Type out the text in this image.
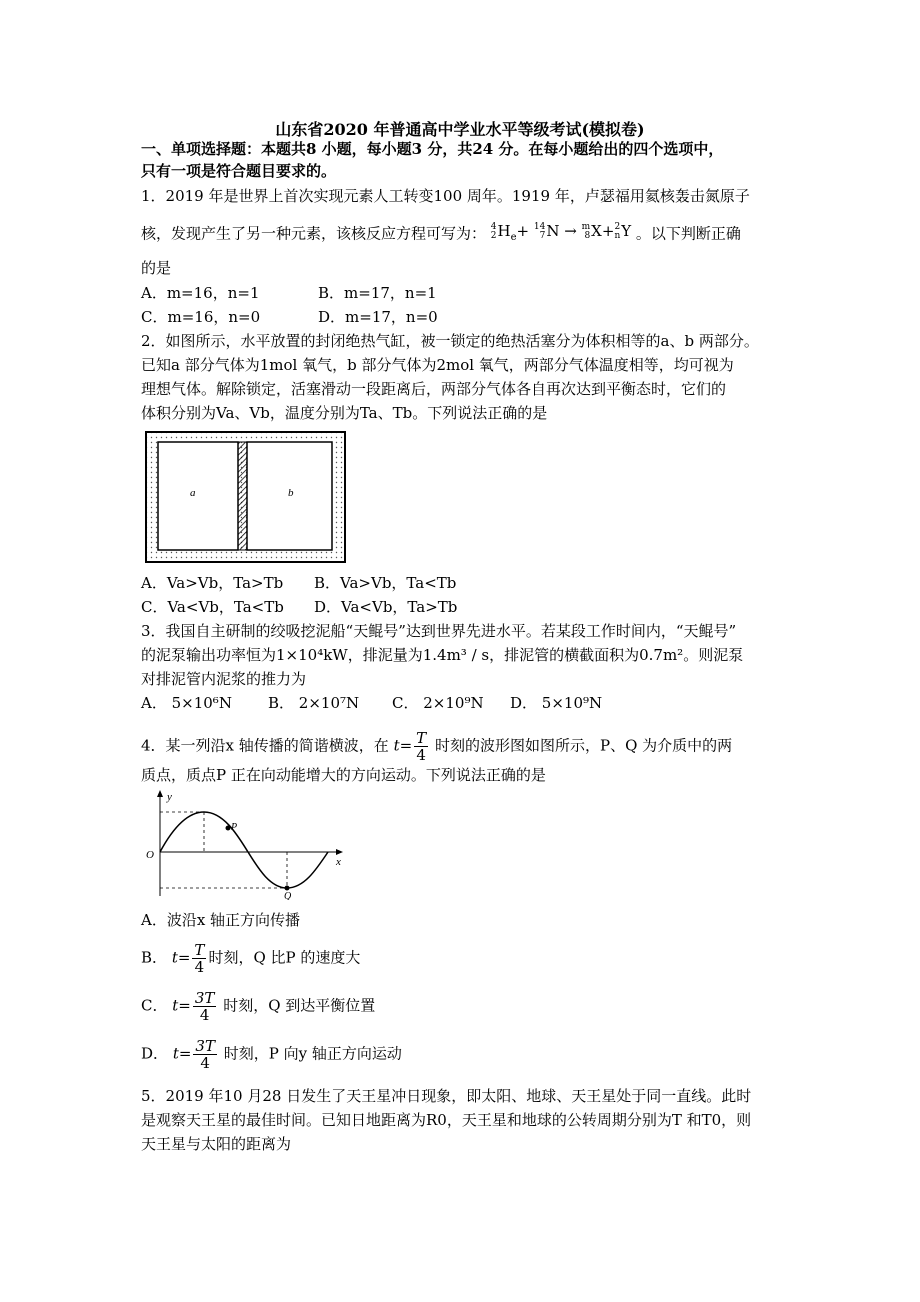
山东省2020 年普通高中学业水平等级考试(模拟卷)
一、单项选择题：本题共8 小题，每小题3 分，共24 分。在每小题给出的四个选项中，
只有一项是符合题目要求的。
1．2019 年是世界上首次实现元素人工转变100 周年。1919 年，卢瑟福用氦核轰击氮原子
核，发现产生了另一种元素，该核反应方程可写为： 4
2 $H_e+ 14$
7 N → m
8 X+ 2
n Y 。以下判断正确
的是
A．m=16，n=1	B．m=17，n=1
C．m=16，n=0	D．m=17，n=0
2．如图所示，水平放置的封闭绝热气缸，被一锁定的绝热活塞分为体积相等的a、b 两部分。
已知a 部分气体为1mol 氧气，b 部分气体为2mol 氧气，两部分气体温度相等，均可视为
理想气体。解除锁定，活塞滑动一段距离后，两部分气体各自再次达到平衡态时，它们的
体积分别为Va、Vb，温度分别为Ta、Tb。下列说法正确的是
a	b
A．Va>Vb，Ta>Tb B．Va>Vb，Ta<Tb
C．Va<Vb，Ta<Tb D．Va<Vb，Ta>Tb
3．我国自主研制的绞吸挖泥船“天鲲号”达到世界先进水平。若某段工作时间内，“天鲲号”
的泥泵输出功率恒为1×10⁴kW，排泥量为1.4m³ / s，排泥管的横截面积为0.7m²。则泥泵
对排泥管内泥浆的推力为
A． 5×10⁶N B． 2×10⁷N C． 2×10⁹N D． 5×10⁹N
4．某一列沿x 轴传播的简谐横波，在 $t= \frac{T}{4}$ 时刻的波形图如图所示，P、Q 为介质中的两
质点，质点P 正在向动能增大的方向运动。下列说法正确的是
y
x
O
P
Q
A．波沿x 轴正方向传播
B． $t= \frac{T}{4}$ 时刻，Q 比P 的速度大
C． $t= \frac{3T}{4}$ 时刻，Q 到达平衡位置
D． $t= \frac{3T}{4}$ 时刻，P 向y 轴正方向运动
5．2019 年10 月28 日发生了天王星冲日现象，即太阳、地球、天王星处于同一直线。此时
是观察天王星的最佳时间。已知日地距离为R0，天王星和地球的公转周期分别为T 和T0，则
天王星与太阳的距离为
